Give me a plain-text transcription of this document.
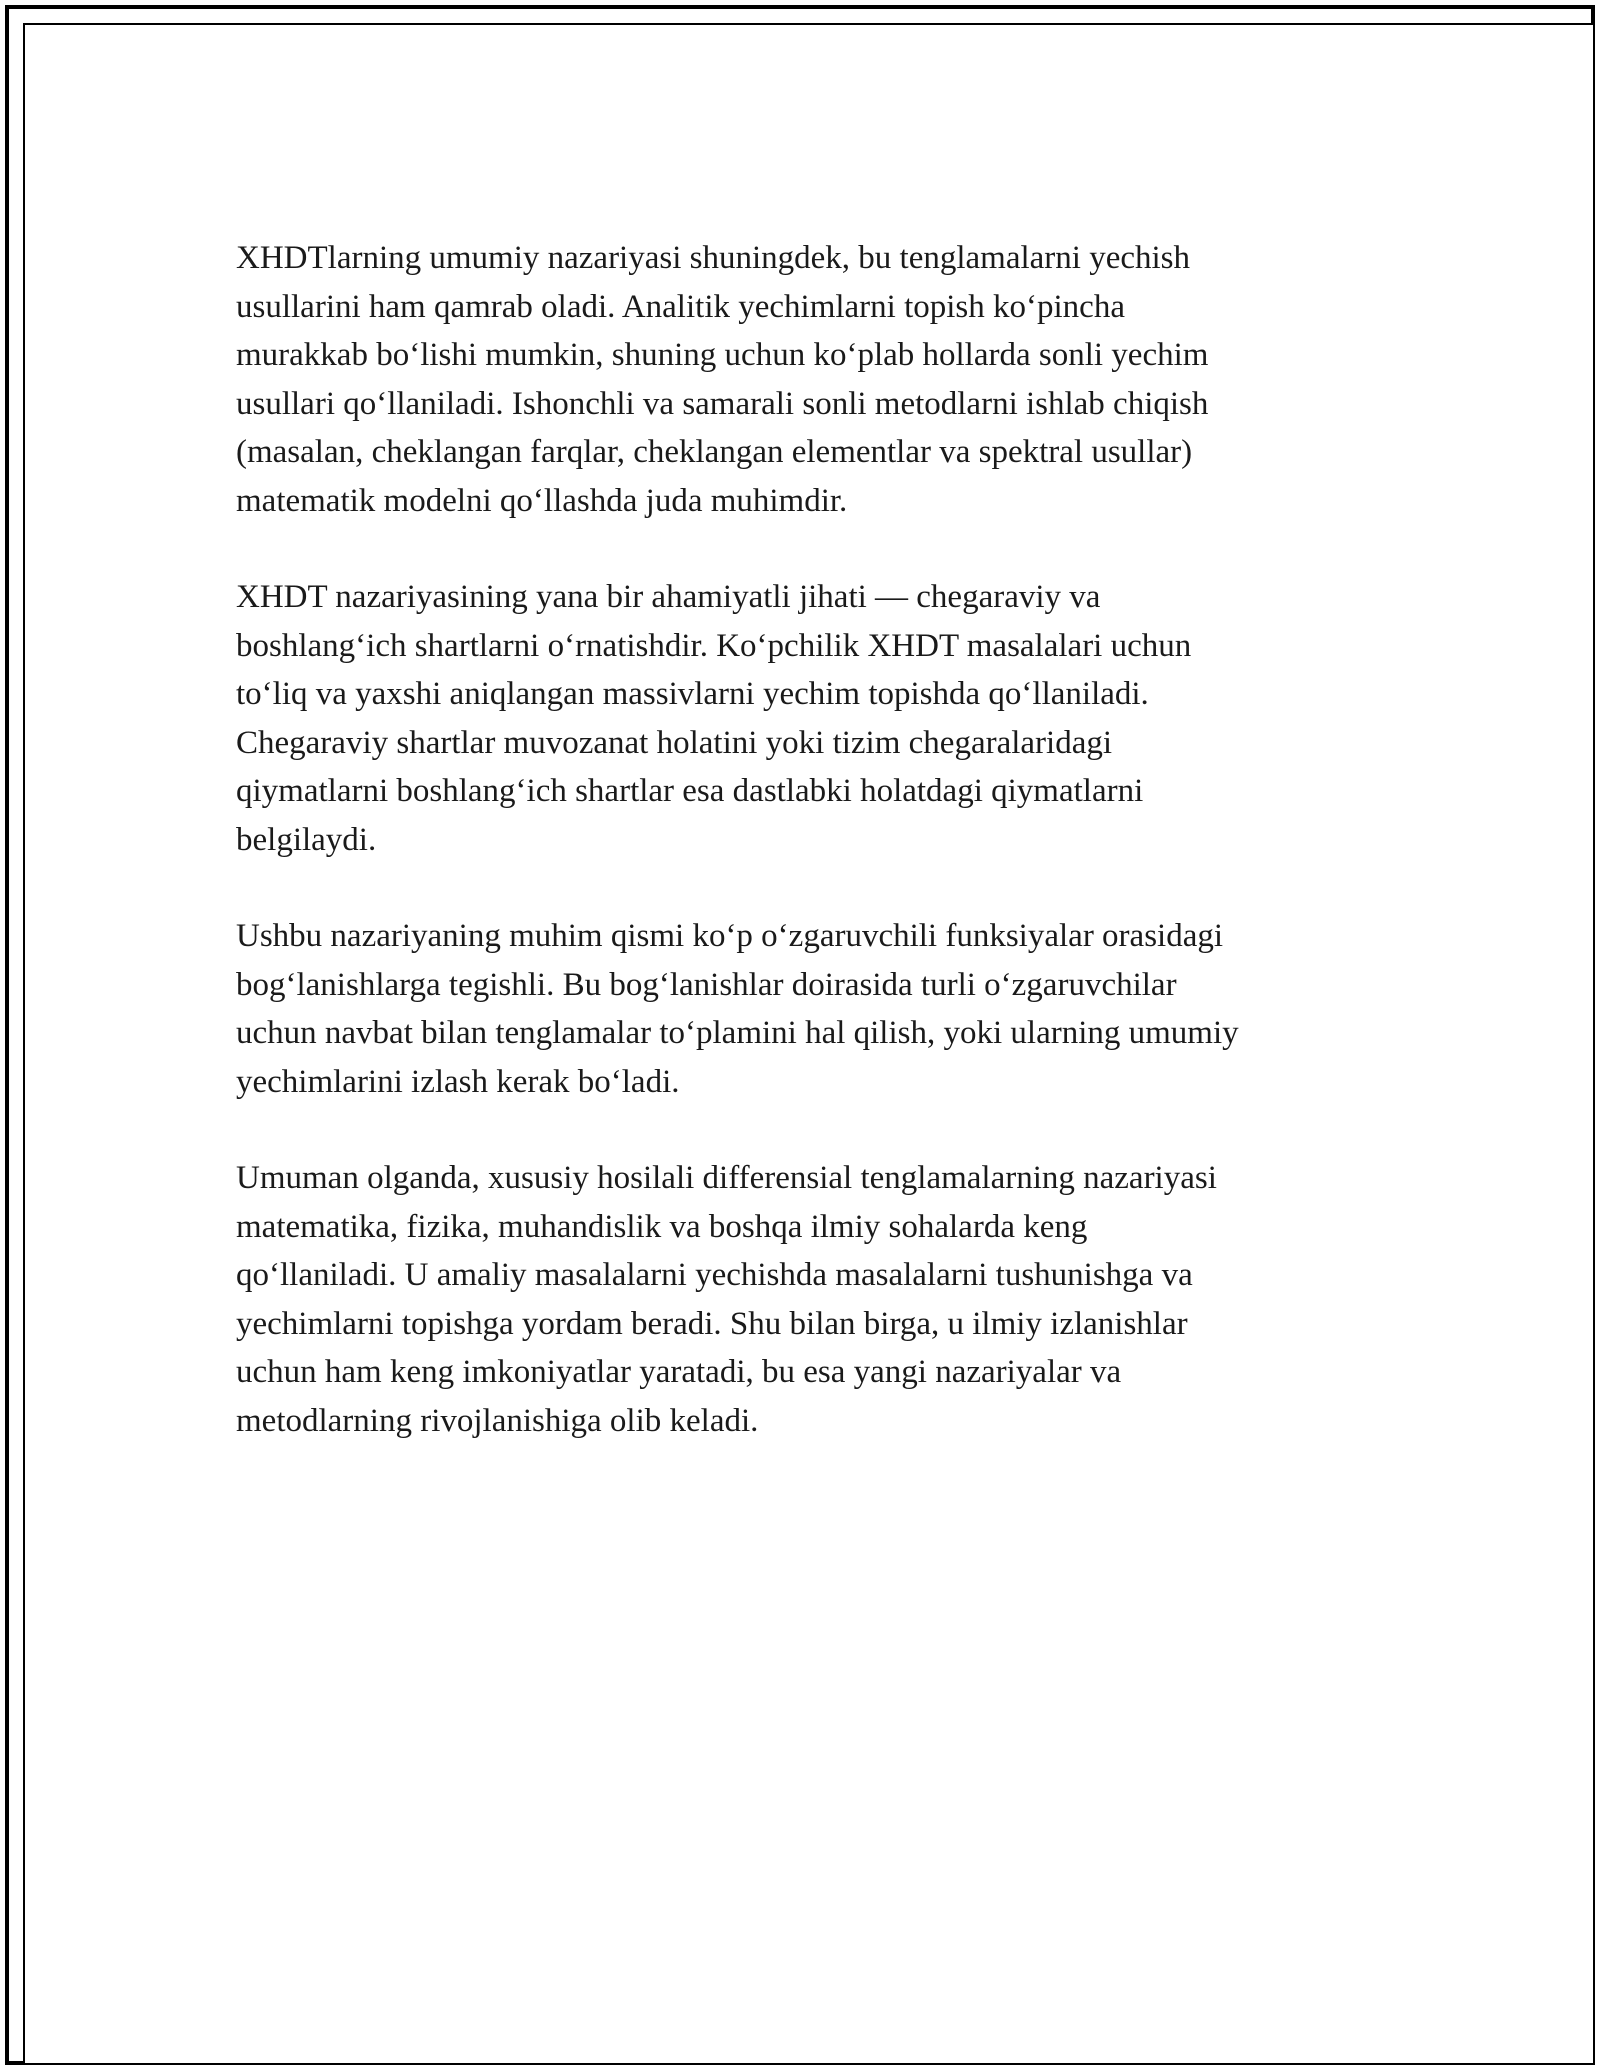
XHDTlarning umumiy nazariyasi shuningdek, bu tenglamalarni yechish
usullarini ham qamrab oladi. Analitik yechimlarni topish ko‘pincha
murakkab bo‘lishi mumkin, shuning uchun ko‘plab hollarda sonli yechim
usullari qo‘llaniladi. Ishonchli va samarali sonli metodlarni ishlab chiqish
(masalan, cheklangan farqlar, cheklangan elementlar va spektral usullar)
matematik modelni qo‘llashda juda muhimdir.

XHDT nazariyasining yana bir ahamiyatli jihati — chegaraviy va
boshlang‘ich shartlarni o‘rnatishdir. Ko‘pchilik XHDT masalalari uchun
to‘liq va yaxshi aniqlangan massivlarni yechim topishda qo‘llaniladi.
Chegaraviy shartlar muvozanat holatini yoki tizim chegaralaridagi
qiymatlarni boshlang‘ich shartlar esa dastlabki holatdagi qiymatlarni
belgilaydi.

Ushbu nazariyaning muhim qismi ko‘p o‘zgaruvchili funksiyalar orasidagi
bog‘lanishlarga tegishli. Bu bog‘lanishlar doirasida turli o‘zgaruvchilar
uchun navbat bilan tenglamalar to‘plamini hal qilish, yoki ularning umumiy
yechimlarini izlash kerak bo‘ladi.

Umuman olganda, xususiy hosilali differensial tenglamalarning nazariyasi
matematika, fizika, muhandislik va boshqa ilmiy sohalarda keng
qo‘llaniladi. U amaliy masalalarni yechishda masalalarni tushunishga va
yechimlarni topishga yordam beradi. Shu bilan birga, u ilmiy izlanishlar
uchun ham keng imkoniyatlar yaratadi, bu esa yangi nazariyalar va
metodlarning rivojlanishiga olib keladi.
